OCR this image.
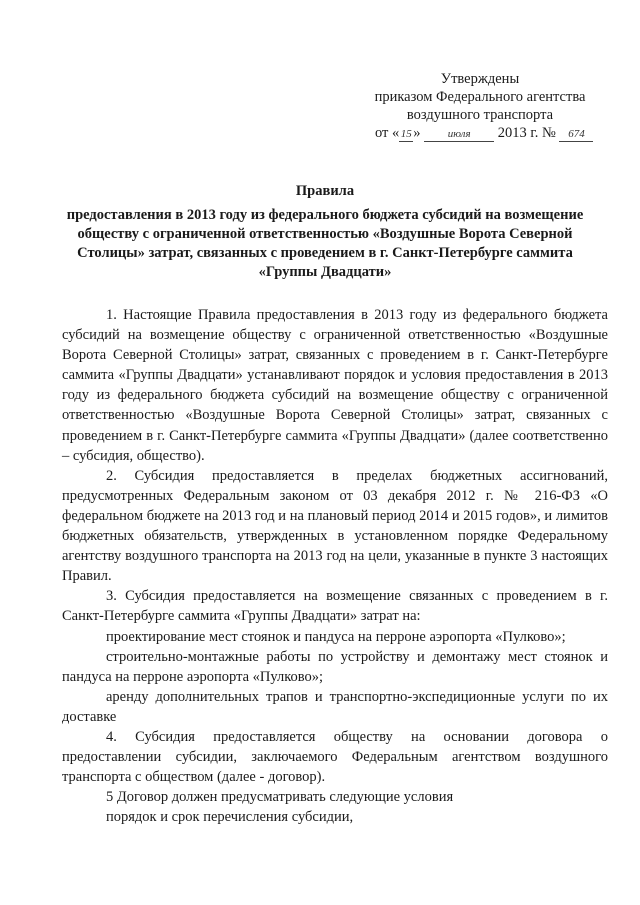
Утверждены
приказом Федерального агентства
воздушного транспорта
от « 15 » июля 2013 г. № 674
Правила
предоставления в 2013 году из федерального бюджета субсидий на возмещение обществу с ограниченной ответственностью «Воздушные Ворота Северной Столицы» затрат, связанных с проведением в г. Санкт-Петербурге саммита «Группы Двадцати»

1. Настоящие Правила предоставления в 2013 году из федерального бюджета субсидий на возмещение обществу с ограниченной ответственностью «Воздушные Ворота Северной Столицы» затрат, связанных с проведением в г. Санкт-Петербурге саммита «Группы Двадцати» устанавливают порядок и условия предоставления в 2013 году из федерального бюджета субсидий на возмещение обществу с ограниченной ответственностью «Воздушные Ворота Северной Столицы» затрат, связанных с проведением в г. Санкт-Петербурге саммита «Группы Двадцати» (далее соответственно – субсидия, общество).

2. Субсидия предоставляется в пределах бюджетных ассигнований, предусмотренных Федеральным законом от 03 декабря 2012 г. № 216-ФЗ «О федеральном бюджете на 2013 год и на плановый период 2014 и 2015 годов», и лимитов бюджетных обязательств, утвержденных в установленном порядке Федеральному агентству воздушного транспорта на 2013 год на цели, указанные в пункте 3 настоящих Правил.

3. Субсидия предоставляется на возмещение связанных с проведением в г. Санкт-Петербурге саммита «Группы Двадцати» затрат на:

проектирование мест стоянок и пандуса на перроне аэропорта «Пулково»;

строительно-монтажные работы по устройству и демонтажу мест стоянок и пандуса на перроне аэропорта «Пулково»;

аренду дополнительных трапов и транспортно-экспедиционные услуги по их доставке

4. Субсидия предоставляется обществу на основании договора о предоставлении субсидии, заключаемого Федеральным агентством воздушного транспорта с обществом (далее - договор).

5 Договор должен предусматривать следующие условия

порядок и срок перечисления субсидии,
